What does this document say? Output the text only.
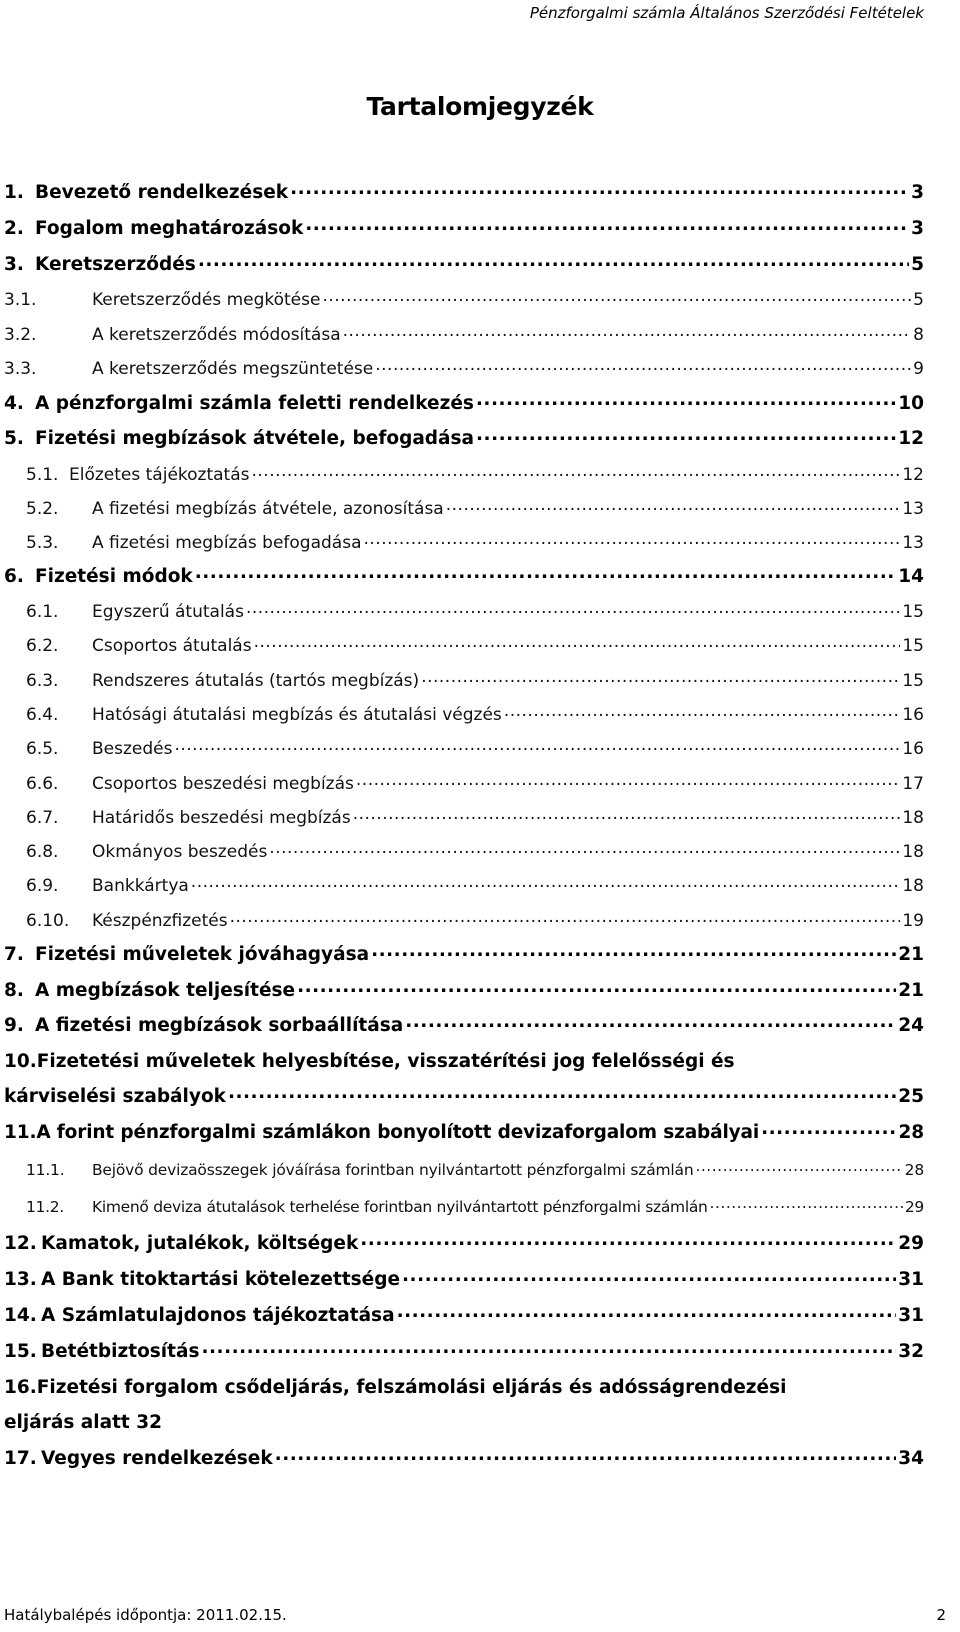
Pénzforgalmi számla Általános Szerződési Feltételek
Tartalomjegyzék
1. Bevezető rendelkezések .....	3
2. Fogalom meghatározások .....	3
3. Keretszerződés .....	5
3.1.	Keretszerződés megkötése .....	5
3.2.	A keretszerződés módosítása .....	8
3.3.	A keretszerződés megszüntetése .....	9
4. A pénzforgalmi számla feletti rendelkezés .....	10
5. Fizetési megbízások átvétele, befogadása .....	12
5.1. Előzetes tájékoztatás .....	12
5.2.	A fizetési megbízás átvétele, azonosítása .....	13
5.3.	A fizetési megbízás befogadása .....	13
6. Fizetési módok .....	14
6.1.	Egyszerű átutalás .....	15
6.2.	Csoportos átutalás .....	15
6.3.	Rendszeres átutalás (tartós megbízás) .....	15
6.4.	Hatósági átutalási megbízás és átutalási végzés .....	16
6.5.	Beszedés .....	16
6.6.	Csoportos beszedési megbízás .....	17
6.7.	Határidős beszedési megbízás .....	18
6.8.	Okmányos beszedés .....	18
6.9.	Bankkártya .....	18
6.10.	Készpénzfizetés .....	19
7. Fizetési műveletek jóváhagyása .....	21
8. A megbízások teljesítése .....	21
9. A fizetési megbízások sorbaállítása .....	24
10.Fizetetési műveletek helyesbítése, visszatérítési jog felelősségi és
kárviselési szabályok .....	25
11. A forint pénzforgalmi számlákon bonyolított devizaforgalom szabályai .....	28
11.1.	Bejövő devizaösszegek jóváírása forintban nyilvántartott pénzforgalmi számlán .....	28
11.2.	Kimenő deviza átutalások terhelése forintban nyilvántartott pénzforgalmi számlán .....	29
12. Kamatok, jutalékok, költségek .....	29
13. A Bank titoktartási kötelezettsége .....	31
14. A Számlatulajdonos tájékoztatása .....	31
15. Betétbiztosítás .....	32
16.Fizetési forgalom csődeljárás, felszámolási eljárás és adósságrendezési
eljárás alatt 32
17. Vegyes rendelkezések .....	34
Hatálybalépés időpontja: 2011.02.15.	2
